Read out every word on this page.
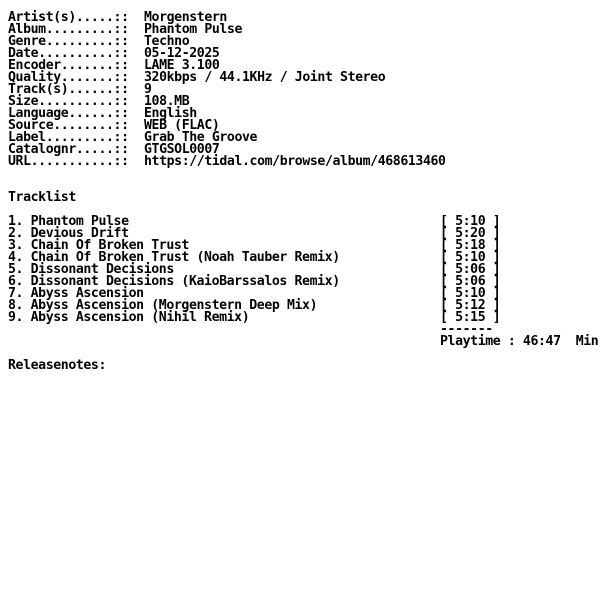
Artist(s).....:: Morgenstern
Album.........:: Phantom Pulse
Genre.........:: Techno
Date..........:: 05-12-2025
Encoder.......:: LAME 3.100
Quality.......:: 320kbps / 44.1KHz / Joint Stereo
Track(s)......:: 9
Size..........:: 108.MB
Language......:: English
Source........:: WEB (FLAC)
Label.........:: Grab The Groove
Catalognr.....:: GTGSOL0007
URL...........:: https://tidal.com/browse/album/468613460
Tracklist
1. Phantom Pulse	[ 5:10 ]
2. Devious Drift	[ 5:20 ]
3. Chain Of Broken Trust	[ 5:18 ]
4. Chain Of Broken Trust (Noah Tauber Remix)	[ 5:10 ]
5. Dissonant Decisions	[ 5:06 ]
6. Dissonant Decisions (KaioBarssalos Remix)	[ 5:06 ]
7. Abyss Ascension	[ 5:10 ]
8. Abyss Ascension (Morgenstern Deep Mix)	[ 5:12 ]
9. Abyss Ascension (Nihil Remix)	[ 5:15 ]
-------
Playtime : 46:47  Min
Releasenotes:
